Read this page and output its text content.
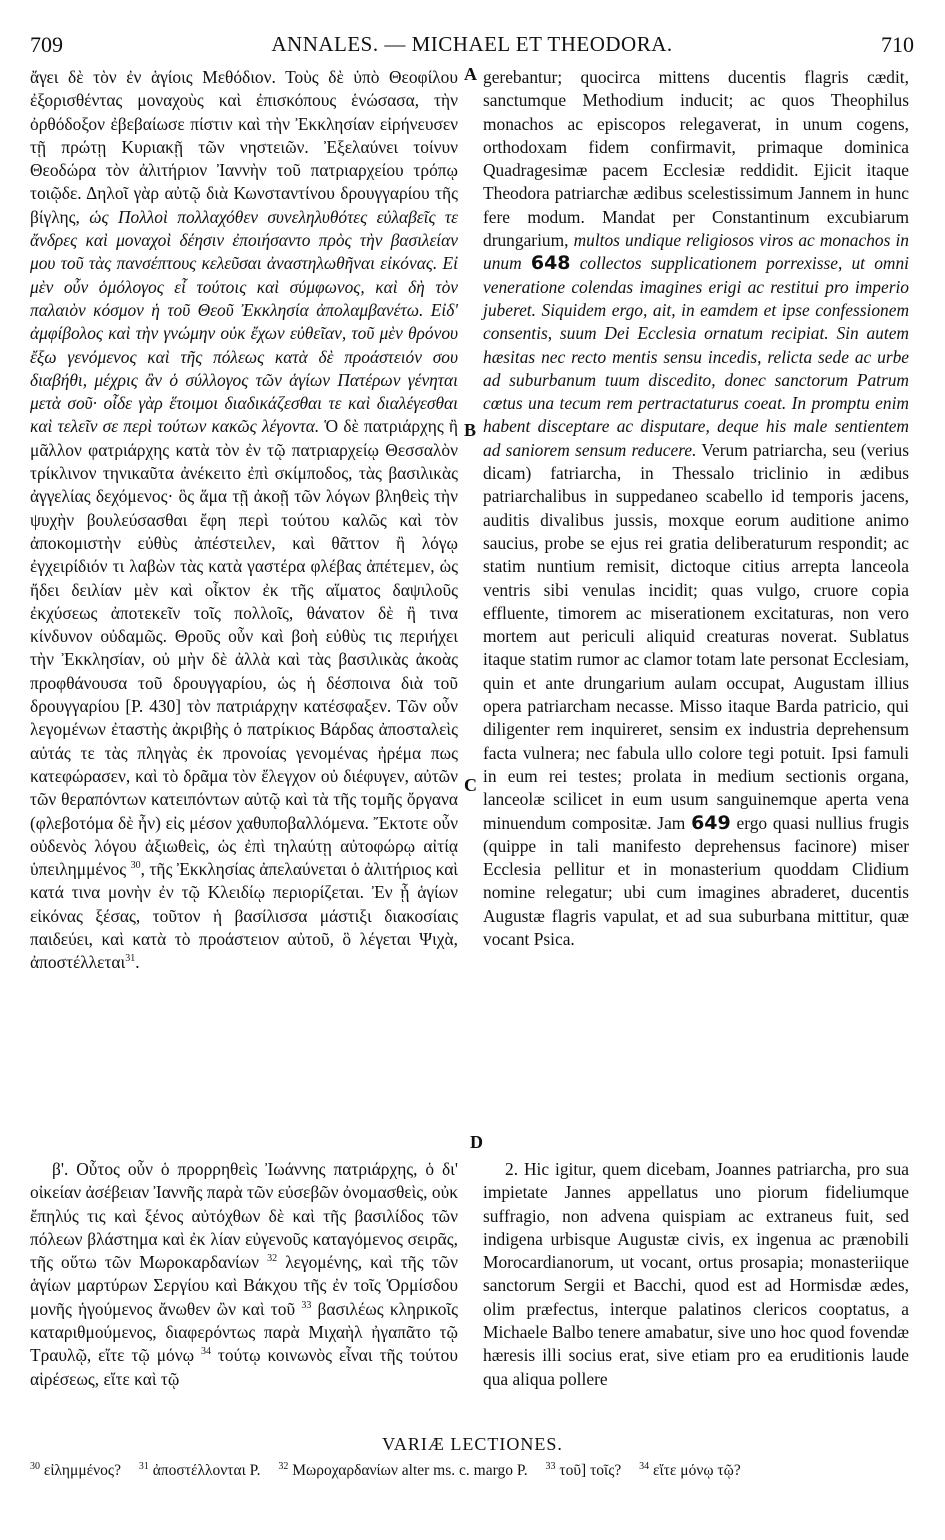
709	ANNALES. — MICHAEL ET THEODORA.	710

ἄγει δὲ τὸν ἐν ἁγίοις Μεθόδιον. Τοὺς δὲ ὑπὸ Θεοφίλου ἐξορισθέντας μοναχοὺς καὶ ἐπισκόπους ἑνώσασα, τὴν ὀρθόδοξον ἐβεβαίωσε πίστιν καὶ τὴν Ἐκκλησίαν εἰρήνευσεν τῇ πρώτῃ Κυριακῇ τῶν νηστειῶν. Ἐξελαύνει τοίνυν Θεοδώρα τὸν ἀλιτήριον Ἰαννὴν τοῦ πατριαρχείου τρόπῳ τοιῷδε. Δηλοῖ γὰρ αὐτῷ διὰ Κωνσταντίνου δρουγγαρίου τῆς βίγλης, ὡς Πολλοὶ πολλαχόθεν συνεληλυθότες εὐλαβεῖς τε ἄνδρες καὶ μοναχοὶ δέησιν ἐποιήσαντο πρὸς τὴν βασιλείαν μου τοῦ τὰς πανσέπτους κελεῦσαι ἀναστηλωθῆναι εἰκόνας. Εἰ μὲν οὖν ὁμόλογος εἶ τούτοις καὶ σύμφωνος, καὶ δὴ τὸν παλαιὸν κόσμον ἡ τοῦ Θεοῦ Ἐκκλησία ἀπολαμβανέτω. Εἰδ' ἀμφίβολος καὶ τὴν γνώμην οὐκ ἔχων εὐθεῖαν, τοῦ μὲν θρόνου ἔξω γενόμενος καὶ τῆς πόλεως κατὰ δὲ προάστειόν σου διαβήθι, μέχρις ἂν ὁ σύλλογος τῶν ἁγίων Πατέρων γένηται μετὰ σοῦ· οἶδε γὰρ ἕτοιμοι διαδικάζεσθαι τε καὶ διαλέγεσθαι καὶ τελεῖν σε περὶ τούτων κακῶς λέγοντα. Ὁ δὲ πατριάρχης ἢ μᾶλλον φατριάρχης κατὰ τὸν ἐν τῷ πατριαρχείῳ Θεσσαλὸν τρίκλινον τηνικαῦτα ἀνέκειτο ἐπὶ σκίμποδος, τὰς βασιλικὰς ἀγγελίας δεχόμενος· ὃς ἅμα τῇ ἀκοῇ τῶν λόγων βληθεὶς τὴν ψυχὴν βουλεύσασθαι ἔφη περὶ τούτου καλῶς καὶ τὸν ἀποκομιστὴν εὐθὺς ἀπέστειλεν, καὶ θᾶττον ἢ λόγῳ ἐγχειρίδιόν τι λαβὼν τὰς κατὰ γαστέρα φλέβας ἀπέτεμεν, ὡς ἤδει δειλίαν μὲν καὶ οἶκτον ἐκ τῆς αἵματος δαψιλοῦς ἐκχύσεως ἀποτεκεῖν τοῖς πολλοῖς, θάνατον δὲ ἢ τινα κίνδυνον οὐδαμῶς. Θροῦς οὖν καὶ βοὴ εὐθὺς τις περιήχει τὴν Ἐκκλησίαν, οὐ μὴν δὲ ἀλλὰ καὶ τὰς βασιλικὰς ἀκοὰς προφθάνουσα τοῦ δρουγγαρίου, ὡς ἡ δέσποινα διὰ τοῦ δρουγγαρίου [P. 430] τὸν πατριάρχην κατέσφαξεν. Τῶν οὖν λεγομένων ἐταστὴς ἀκριβὴς ὁ πατρίκιος Βάρδας ἀποσταλεὶς αὐτάς τε τὰς πληγὰς ἐκ προνοίας γενομένας ἠρέμα πως κατεφώρασεν, καὶ τὸ δρᾶμα τὸν ἔλεγχον οὐ διέφυγεν, αὐτῶν τῶν θεραπόντων κατειπόντων αὐτῷ καὶ τὰ τῆς τομῆς ὄργανα (φλεβοτόμα δὲ ἦν) εἰς μέσον χαθυποβαλλόμενα. Ἔκτοτε οὖν οὐδενὸς λόγου ἀξιωθεὶς, ὡς ἐπὶ τηλαύτῃ αὐτοφώρῳ αἰτίᾳ ὑπειλημμένος $^{30}$, τῆς Ἐκκλησίας ἀπελαύνεται ὁ ἀλιτήριος καὶ κατά τινα μονὴν ἐν τῷ Κλειδίῳ περιορίζεται. Ἐν ᾗ ἁγίων εἰκόνας ξέσας, τοῦτον ἡ βασίλισσα μάστιξι διακοσίαις παιδεύει, καὶ κατὰ τὸ προάστειον αὐτοῦ, ὃ λέγεται Ψιχὰ, ἀποστέλλεται$^{31}$.

gerebantur; quocirca mittens ducentis flagris cædit, sanctumque Methodium inducit; ac quos Theophilus monachos ac episcopos relegaverat, in unum cogens, orthodoxam fidem confirmavit, primaque dominica Quadragesimæ pacem Ecclesiæ reddidit. Ejicit itaque Theodora patriarchæ ædibus scelestissimum Jannem in hunc fere modum. Mandat per Constantinum excubiarum drungarium, multos undique religiosos viros ac monachos in unum 648 collectos supplicationem porrexisse, ut omni veneratione colendas imagines erigi ac restitui pro imperio juberet. Siquidem ergo, ait, in eamdem et ipse confessionem consentis, suum Dei Ecclesia ornatum recipiat. Sin autem hæsitas nec recto mentis sensu incedis, relicta sede ac urbe ad suburbanum tuum discedito, donec sanctorum Patrum cœtus una tecum rem pertractaturus coeat. In promptu enim habent disceptare ac disputare, deque his male sentientem ad saniorem sensum reducere. Verum patriarcha, seu (verius dicam) fatriarcha, in Thessalo triclinio in ædibus patriarchalibus in suppedaneo scabello id temporis jacens, auditis divalibus jussis, moxque eorum auditione animo saucius, probe se ejus rei gratia deliberaturum respondit; ac statim nuntium remisit, dictoque citius arrepta lanceola ventris sibi venulas incidit; quas vulgo, cruore copia effluente, timorem ac miserationem excitaturas, non vero mortem aut periculi aliquid creaturas noverat. Sublatus itaque statim rumor ac clamor totam late personat Ecclesiam, quin et ante drungarium aulam occupat, Augustam illius opera patriarcham necasse. Misso itaque Barda patricio, qui diligenter rem inquireret, sensim ex industria deprehensum facta vulnera; nec fabula ullo colore tegi potuit. Ipsi famuli in eum rei testes; prolata in medium sectionis organa, lanceolæ scilicet in eum usum sanguinemque aperta vena minuendum compositæ. Jam 649 ergo quasi nullius frugis (quippe in tali manifesto deprehensus facinore) miser Ecclesia pellitur et in monasterium quoddam Clidium nomine relegatur; ubi cum imagines abraderet, ducentis Augustæ flagris vapulat, et ad sua suburbana mittitur, quæ vocant Psica.

β'. Οὗτος οὖν ὁ προρρηθεὶς Ἰωάννης πατριάρχης, ὁ δι' οἰκείαν ἀσέβειαν Ἰαννῆς παρὰ τῶν εὐσεβῶν ὀνομασθεὶς, οὐκ ἔπηλύς τις καὶ ξένος αὐτόχθων δὲ καὶ τῆς βασιλίδος τῶν πόλεων βλάστημα καὶ ἐκ λίαν εὐγενοῦς καταγόμενος σειρᾶς, τῆς οὕτω τῶν Μωροκαρδανίων $^{32}$ λεγομένης, καὶ τῆς τῶν ἁγίων μαρτύρων Σεργίου καὶ Βάκχου τῆς ἐν τοῖς Ὁρμίσδου μονῆς ἡγούμενος ἄνωθεν ὢν καὶ τοῦ $^{33}$ βασιλέως κληρικοῖς καταριθμούμενος, διαφερόντως παρὰ Μιχαὴλ ἠγαπᾶτο τῷ Τραυλῷ, εἴτε τῷ μόνῳ $^{34}$ τούτῳ κοινωνὸς εἶναι τῆς τούτου αἱρέσεως, εἴτε καὶ τῷ

2. Hic igitur, quem dicebam, Joannes patriarcha, pro sua impietate Jannes appellatus uno piorum fideliumque suffragio, non advena quispiam ac extraneus fuit, sed indigena urbisque Augustæ civis, ex ingenua ac prænobili Morocardianorum, ut vocant, ortus prosapia; monasteriique sanctorum Sergii et Bacchi, quod est ad Hormisdæ ædes, olim præfectus, interque palatinos clericos cooptatus, a Michaele Balbo tenere amabatur, sive uno hoc quod fovendæ hæresis illi socius erat, sive etiam pro ea eruditionis laude qua aliqua pollere

A
B
C
D
VARIÆ LECTIONES.
$^{30}$ εἰλημμένος? $^{31}$ ἀποστέλλονται P. $^{32}$ Μωροχαρδανίων alter ms. c. margo P. $^{33}$ τοῦ] τοῖς? $^{34}$ εἴτε μόνῳ τῷ?
